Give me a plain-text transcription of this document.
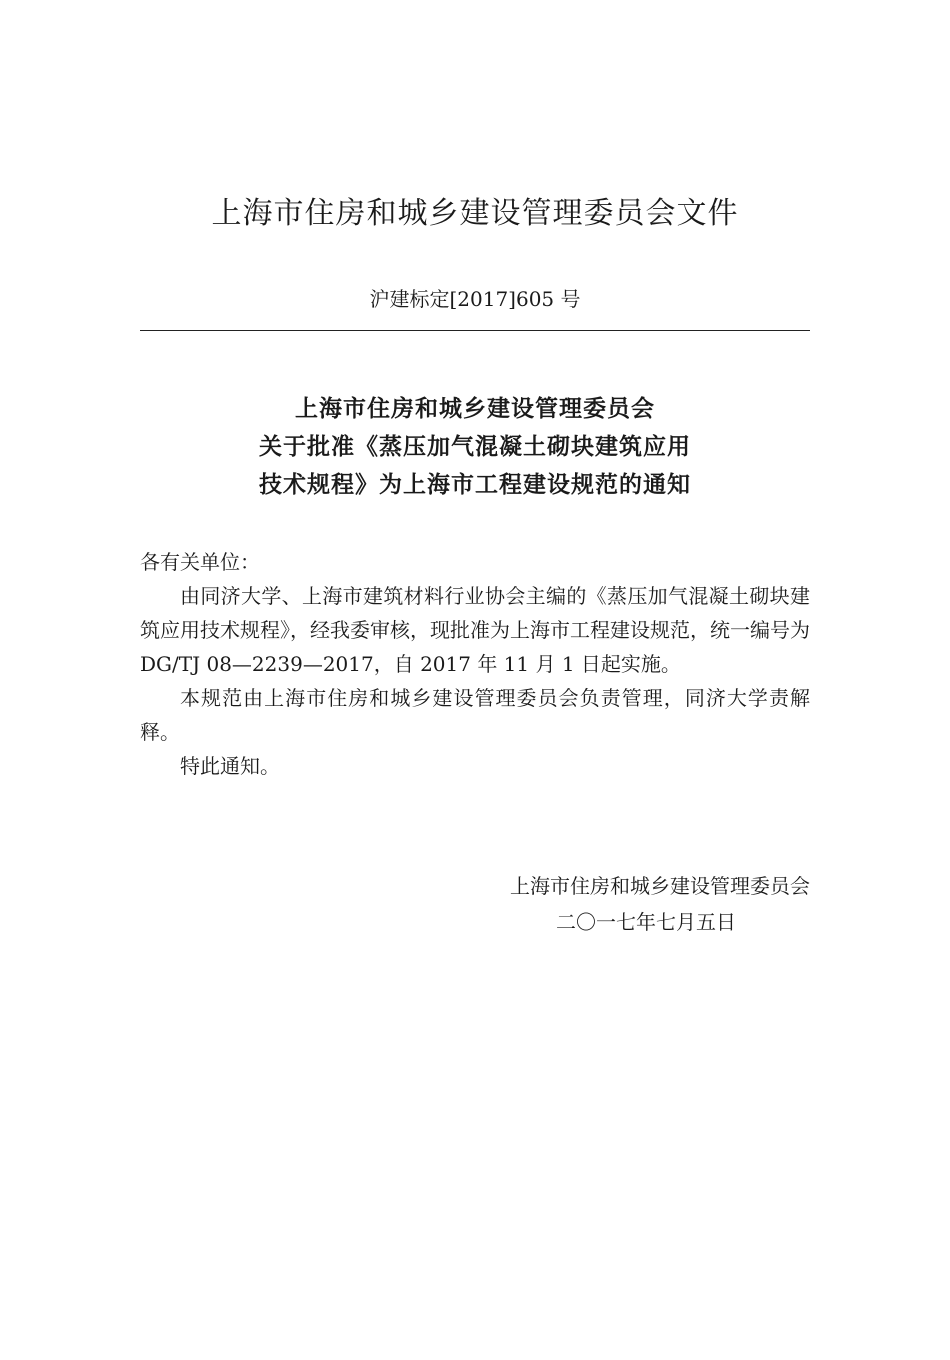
上海市住房和城乡建设管理委员会文件
沪建标定[2017]605 号
上海市住房和城乡建设管理委员会
关于批准《蒸压加气混凝土砌块建筑应用
技术规程》为上海市工程建设规范的通知

各有关单位：

由同济大学、上海市建筑材料行业协会主编的《蒸压加气混凝土砌块建筑应用技术规程》，经我委审核，现批准为上海市工程建设规范，统一编号为 DG/TJ 08—2239—2017，自 2017 年 11 月 1 日起实施。

本规范由上海市住房和城乡建设管理委员会负责管理，同济大学责解释。

特此通知。

上海市住房和城乡建设管理委员会
二〇一七年七月五日
